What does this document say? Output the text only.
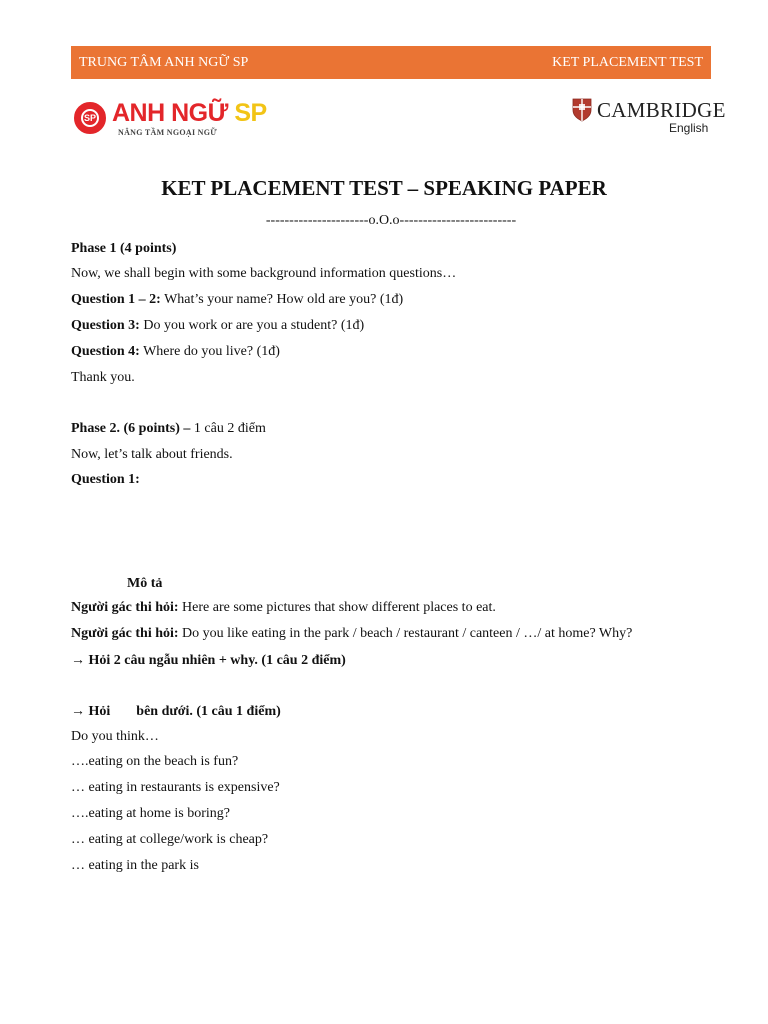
TRUNG TÂM ANH NGỮ SP	KET PLACEMENT TEST
SP ANH NGỮ SP
NÂNG TẦM NGOẠI NGỮ
CAMBRIDGE
English
KET PLACEMENT TEST – SPEAKING PAPER
----------------------o.O.o-------------------------
Phase 1 (4 points)
Now, we shall begin with some background information questions…
Question 1 – 2: What’s your name? How old are you? (1đ)
Question 3: Do you work or are you a student? (1đ)
Question 4: Where do you live? (1đ)
Thank you.
Phase 2. (6 points) – 1 câu 2 điểm
Now, let’s talk about friends.
Question 1:
Mô tả
Người gác thi hỏi: Here are some pictures that show different places to eat.
Người gác thi hỏi: Do you like eating in the park / beach / restaurant / canteen / …/ at home? Why?
→ Hỏi 2 câu ngẫu nhiên + why. (1 câu 2 điểm)
→ Hỏi bên dưới. (1 câu 1 điểm)
Do you think…
….eating on the beach is fun?
… eating in restaurants is expensive?
….eating at home is boring?
… eating at college/work is cheap?
… eating in the park is
